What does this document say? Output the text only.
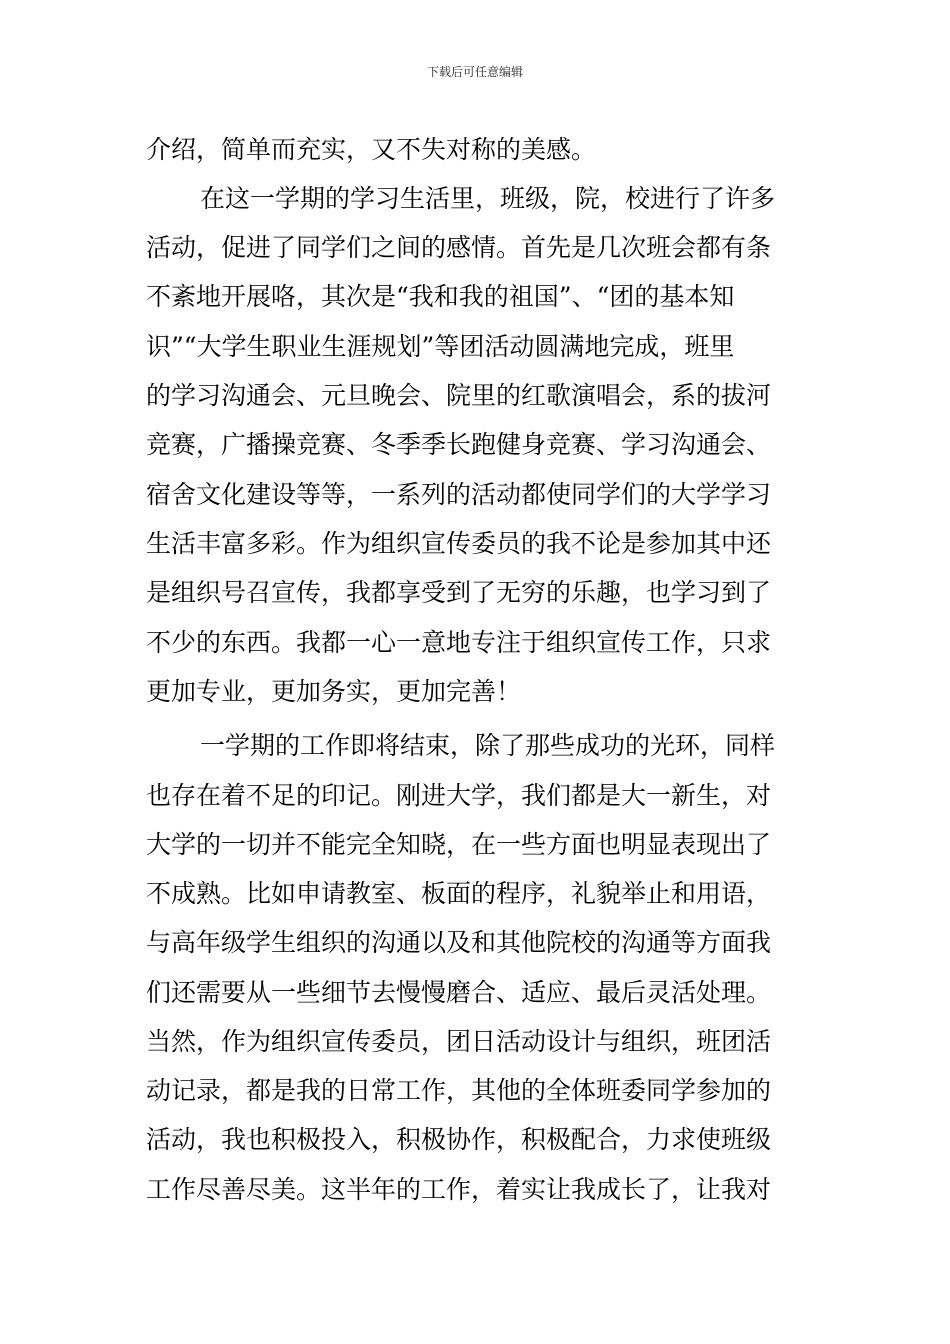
下载后可任意编辑

介绍，简单而充实，又不失对称的美感。

在这一学期的学习生活里，班级，院，校进行了许多

活动，促进了同学们之间的感情。首先是几次班会都有条

不紊地开展咯，其次是“我和我的祖国”、“团的基本知

识”“大学生职业生涯规划”等团活动圆满地完成，班里

的学习沟通会、元旦晚会、院里的红歌演唱会，系的拔河

竞赛，广播操竞赛、冬季季长跑健身竞赛、学习沟通会、

宿舍文化建设等等，一系列的活动都使同学们的大学学习

生活丰富多彩。作为组织宣传委员的我不论是参加其中还

是组织号召宣传，我都享受到了无穷的乐趣，也学习到了

不少的东西。我都一心一意地专注于组织宣传工作，只求

更加专业，更加务实，更加完善！

一学期的工作即将结束，除了那些成功的光环，同样

也存在着不足的印记。刚进大学，我们都是大一新生，对

大学的一切并不能完全知晓，在一些方面也明显表现出了

不成熟。比如申请教室、板面的程序，礼貌举止和用语，

与高年级学生组织的沟通以及和其他院校的沟通等方面我

们还需要从一些细节去慢慢磨合、适应、最后灵活处理。

当然，作为组织宣传委员，团日活动设计与组织，班团活

动记录，都是我的日常工作，其他的全体班委同学参加的

活动，我也积极投入，积极协作，积极配合，力求使班级

工作尽善尽美。这半年的工作，着实让我成长了，让我对
